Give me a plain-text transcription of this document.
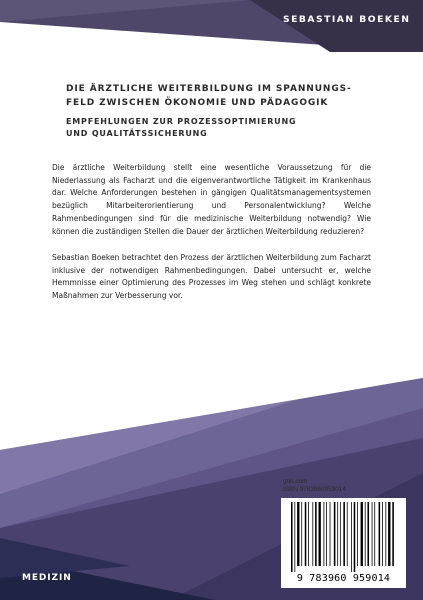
SEBASTIAN BOEKEN
DIE ÄRZTLICHE WEITERBILDUNG IM SPANNUNGS-
FELD ZWISCHEN ÖKONOMIE UND PÄDAGOGIK
EMPFEHLUNGEN ZUR PROZESSOPTIMIERUNG
UND QUALITÄTSSICHERUNG
Die ärztliche Weiterbildung stellt eine wesentliche Voraussetzung für die Niederlassung als Facharzt und die eigenverantwortliche Tätigkeit im Krankenhaus dar. Welche Anforderungen bestehen in gängigen Qualitätsmanagementsystemen bezüglich Mitarbeiterorientierung und Personalentwicklung? Welche Rahmenbedingungen sind für die medizinische Weiterbildung notwendig? Wie können die zuständigen Stellen die Dauer der ärztlichen Weiterbildung reduzieren?
Sebastian Boeken betrachtet den Prozess der ärztlichen Weiterbildung zum Facharzt inklusive der notwendigen Rahmenbedingungen. Dabei untersucht er, welche Hemmnisse einer Optimierung des Prozesses im Weg stehen und schlägt konkrete Maßnahmen zur Verbesserung vor.
grin.com
ISBN 9783960959014
9 783960 959014
MEDIZIN
